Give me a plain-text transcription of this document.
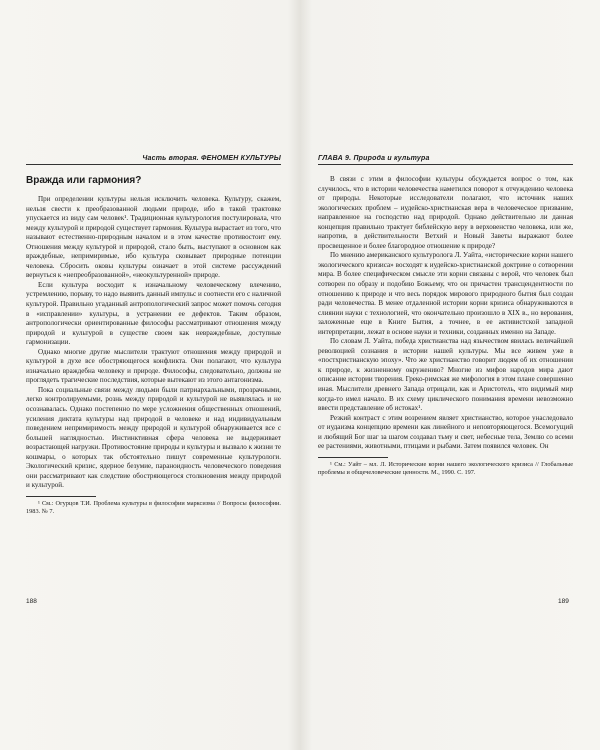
Часть вторая. ФЕНОМЕН КУЛЬТУРЫ
Вражда или гармония?

При определении культуры нельзя исключить человека. Культуру, скажем, нельзя свести к преобразованной людьми природе, ибо в такой трактовке упускается из виду сам человек¹. Традиционная культурология постулировала, что между культурой и природой существует гармония. Культура вырастает из того, что называют естественно-природным началом и в этом качестве противостоит ему. Отношения между культурой и природой, стало быть, выступают в основном как враждебные, непримиримые, ибо культура сковывает природные потенции человека. Сбросить оковы культуры означает в этой системе рассуждений вернуться к «непреобразованной», «неокультуренной» природе.

Если культура восходит к изначальному человеческому влечению, устремлению, порыву, то надо выявить данный импульс и соотнести его с наличной культурой. Правильно угаданный антропологический запрос может помочь сегодня в «исправлении» культуры, в устранении ее дефектов. Таким образом, антропологически ориентированные философы рассматривают отношения между природой и культурой в существе своем как невраждебные, доступные гармонизации.

Однако многие другие мыслители трактуют отношения между природой и культурой в духе все обостряющегося конфликта. Они полагают, что культура изначально враждебна человеку и природе. Философы, следовательно, должны не проглядеть трагические последствия, которые вытекают из этого антагонизма.

Пока социальные связи между людьми были патриархальными, прозрачными, легко контролируемыми, рознь между природой и культурой не выявлялась и не осознавалась. Однако постепенно по мере усложнения общественных отношений, усиления диктата культуры над природой в человеке и над индивидуальным поведением непримиримость между природой и культурой обнаруживается все с большей наглядностью. Инстинктивная сфера человека не выдерживает возрастающей нагрузки. Противостояние природы и культуры и вызвало к жизни те кошмары, о которых так обстоятельно пишут современные культурологи. Экологический кризис, ядерное безумие, параноидность человеческого поведения они рассматривают как следствие обостряющегося столкновения между природой и культурой.

¹ См.: Огурцов Т.И. Проблема культуры в философии марксизма // Вопросы философии. 1983. № 7.

188
ГЛАВА 9. Природа и культура

В связи с этим в философии культуры обсуждается вопрос о том, как случилось, что в истории человечества наметился поворот к отчуждению человека от природы. Некоторые исследователи полагают, что источник наших экологических проблем – иудейско-христианская вера в человеческое призвание, направленное на господство над природой. Однако действительно ли данная концепция правильно трактует библейскую веру в верховенство человека, или же, напротив, в действительности Ветхий и Новый Заветы выражают более просвещенное и более благородное отношение к природе?

По мнению американского культуролога Л. Уайта, «исторические корни нашего экологического кризиса» восходят к иудейско-христианской доктрине о сотворении мира. В более специфическом смысле эти корни связаны с верой, что человек был сотворен по образу и подобию Божьему, что он причастен трансцендентности по отношению к природе и что весь порядок мирового природного бытия был создан ради человечества. В менее отдаленной истории корни кризиса обнаруживаются в слиянии науки с технологией, что окончательно произошло в XIX в., но верования, заложенные еще в Книге Бытия, а точнее, в ее активистской западной интерпретации, лежат в основе науки и техники, созданных именно на Западе.

По словам Л. Уайта, победа христианства над язычеством явилась величайшей революцией сознания в истории нашей культуры. Мы все живем уже в «постхристианскую эпоху». Что же христианство говорит людям об их отношении к природе, к жизненному окружению? Многие из мифов народов мира дают описание истории творения. Греко-римская же мифология в этом плане совершенно иная. Мыслители древнего Запада отрицали, как и Аристотель, что видимый мир когда-то имел начало. В их схему циклического понимания времени невозможно ввести представление об истоках¹.

Резкий контраст с этим возрением являет христианство, которое унаследовало от иудаизма концепцию времени как линейного и неповторяющегося. Всемогущий и любящий Бог шаг за шагом создавал тьму и свет, небесные тела, Землю со всеми ее растениями, животными, птицами и рыбами. Затем появился человек. Он

¹ См.: Уайт – мл. Л. Исторические корни нашего экологического кризиса // Глобальные проблемы и общечеловеческие ценности. М., 1990. С. 197.

189
